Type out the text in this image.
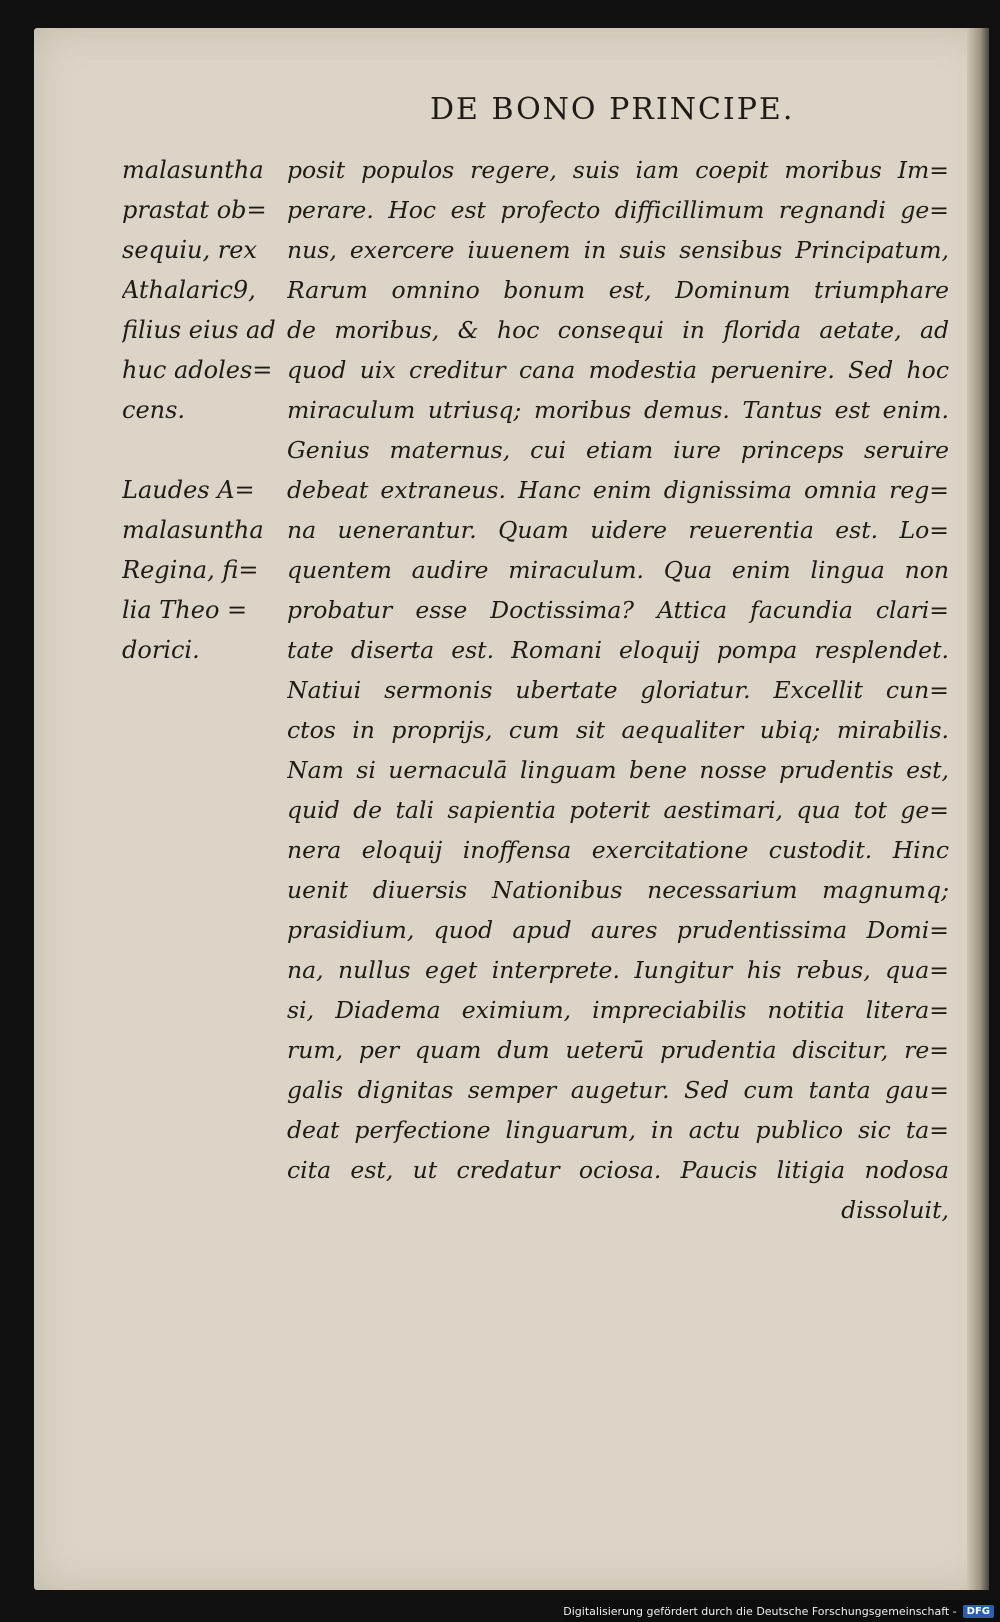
DE BONO PRINCIPE.
malasuntha
prastat ob=
sequiu, rex
Athalaric9,
filius eius ad
huc adoles=
cens.
Laudes A=
malasuntha
Regina, fi=
lia Theo =
dorici.
posit populos regere, suis iam coepit moribus Im=
perare. Hoc est profecto difficillimum regnandi ge=
nus, exercere iuuenem in suis sensibus Principatum,
Rarum omnino bonum est, Dominum triumphare
de moribus, & hoc consequi in florida aetate, ad
quod uix creditur cana modestia peruenire. Sed hoc
miraculum utriusq; moribus demus. Tantus est enim.
Genius maternus, cui etiam iure princeps seruire
debeat extraneus. Hanc enim dignissima omnia reg=
na uenerantur. Quam uidere reuerentia est. Lo=
quentem audire miraculum. Qua enim lingua non
probatur esse Doctissima? Attica facundia clari=
tate diserta est. Romani eloquij pompa resplendet.
Natiui sermonis ubertate gloriatur. Excellit cun=
ctos in proprijs, cum sit aequaliter ubiq; mirabilis.
Nam si uernaculā linguam bene nosse prudentis est,
quid de tali sapientia poterit aestimari, qua tot ge=
nera eloquij inoffensa exercitatione custodit. Hinc
uenit diuersis Nationibus necessarium magnumq;
prasidium, quod apud aures prudentissima Domi=
na, nullus eget interprete. Iungitur his rebus, qua=
si, Diadema eximium, impreciabilis notitia litera=
rum, per quam dum ueterū prudentia discitur, re=
galis dignitas semper augetur. Sed cum tanta gau=
deat perfectione linguarum, in actu publico sic ta=
cita est, ut credatur ociosa. Paucis litigia nodosa
dissoluit,
Digitalisierung gefördert durch die Deutsche Forschungsgemeinschaft -	DFG
